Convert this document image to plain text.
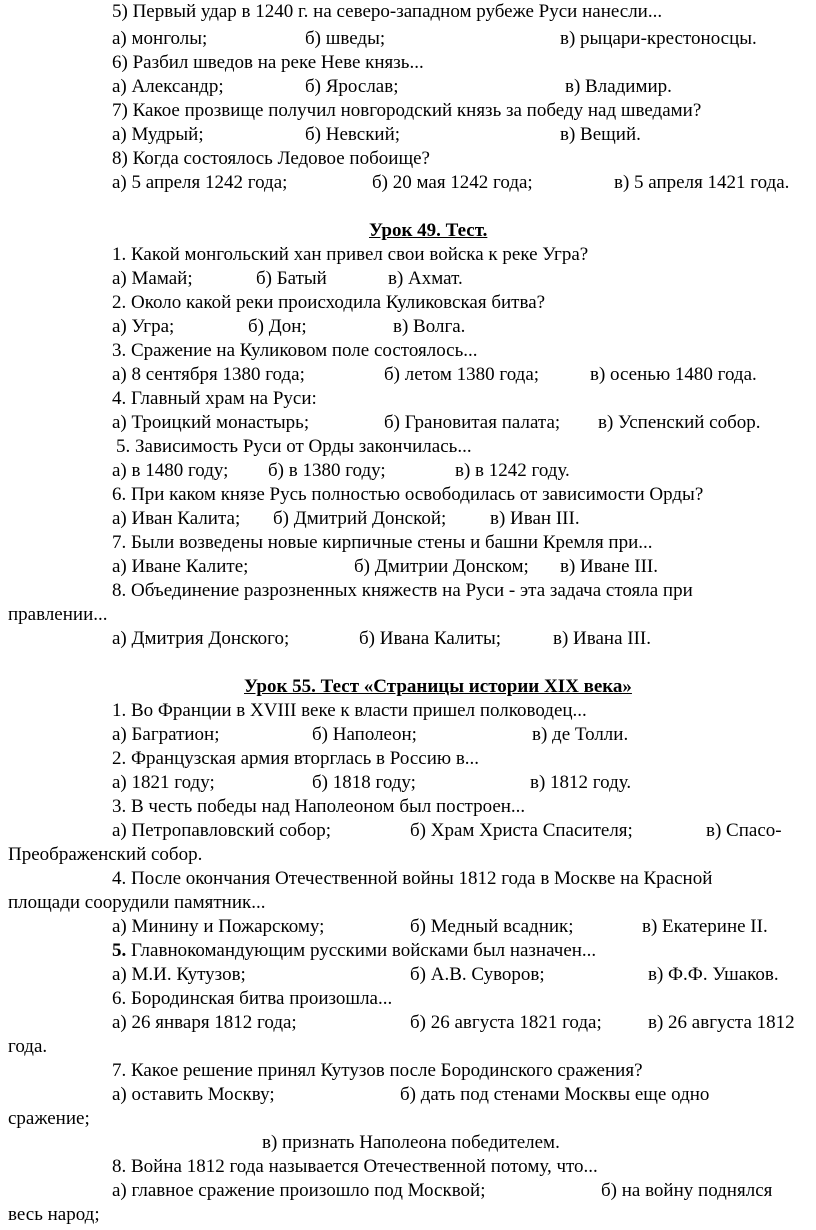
5) Первый удар в 1240 г. на северо-западном рубеже Руси нанесли...
а) монголы;	б) шведы;	в) рыцари-крестоносцы.
6) Разбил шведов на реке Неве князь...
а) Александр;	б) Ярослав;	в) Владимир.
7) Какое прозвище получил новгородский князь за победу над шведами?
а) Мудрый;	б) Невский;	в) Вещий.
8) Когда состоялось Ледовое побоище?
а) 5 апреля 1242 года;	б) 20 мая 1242 года;	в) 5 апреля 1421 года.
Урок 49. Тест.
1. Какой монгольский хан привел свои войска к реке Угра?
а) Мамай;	б) Батый	в) Ахмат.
2. Около какой реки происходила Куликовская битва?
а) Угра;	б) Дон;	в) Волга.
3. Сражение на Куликовом поле состоялось...
а) 8 сентября 1380 года;	б) летом 1380 года;	в) осенью 1480 года.
4. Главный храм на Руси:
а) Троицкий монастырь;	б) Грановитая палата; в) Успенский собор.
5. Зависимость Руси от Орды закончилась...
а) в 1480 году; б) в 1380 году;	в) в 1242 году.
6. При каком князе Русь полностью освободилась от зависимости Орды?
а) Иван Калита; б) Дмитрий Донской; в) Иван III.
7. Были возведены новые кирпичные стены и башни Кремля при...
а) Иване Калите;	б) Дмитрии Донском; в) Иване III.
8. Объединение разрозненных княжеств на Руси - эта задача стояла при
правлении...
а) Дмитрия Донского;	б) Ивана Калиты;	в) Ивана III.
Урок 55. Тест «Страницы истории XIX века»
1. Во Франции в XVIII веке к власти пришел полководец...
а) Багратион;	б) Наполеон;	в) де Толли.
2. Французская армия вторглась в Россию в...
а) 1821 году;	б) 1818 году;	в) 1812 году.
3. В честь победы над Наполеоном был построен...
а) Петропавловский собор;	б) Храм Христа Спасителя;	в) Спасо-
Преображенский собор.
4. После окончания Отечественной войны 1812 года в Москве на Красной
площади соорудили памятник...
а) Минину и Пожарскому;	б) Медный всадник;	в) Екатерине II.
5. Главнокомандующим русскими войсками был назначен...
а) М.И. Кутузов;	б) А.В. Суворов;	в) Ф.Ф. Ушаков.
6. Бородинская битва произошла...
а) 26 января 1812 года;	б) 26 августа 1821 года; в) 26 августа 1812
года.
7. Какое решение принял Кутузов после Бородинского сражения?
а) оставить Москву;	б) дать под стенами Москвы еще одно
сражение;
в) признать Наполеона победителем.
8. Война 1812 года называется Отечественной потому, что...
а) главное сражение произошло под Москвой;	б) на войну поднялся
весь народ;
